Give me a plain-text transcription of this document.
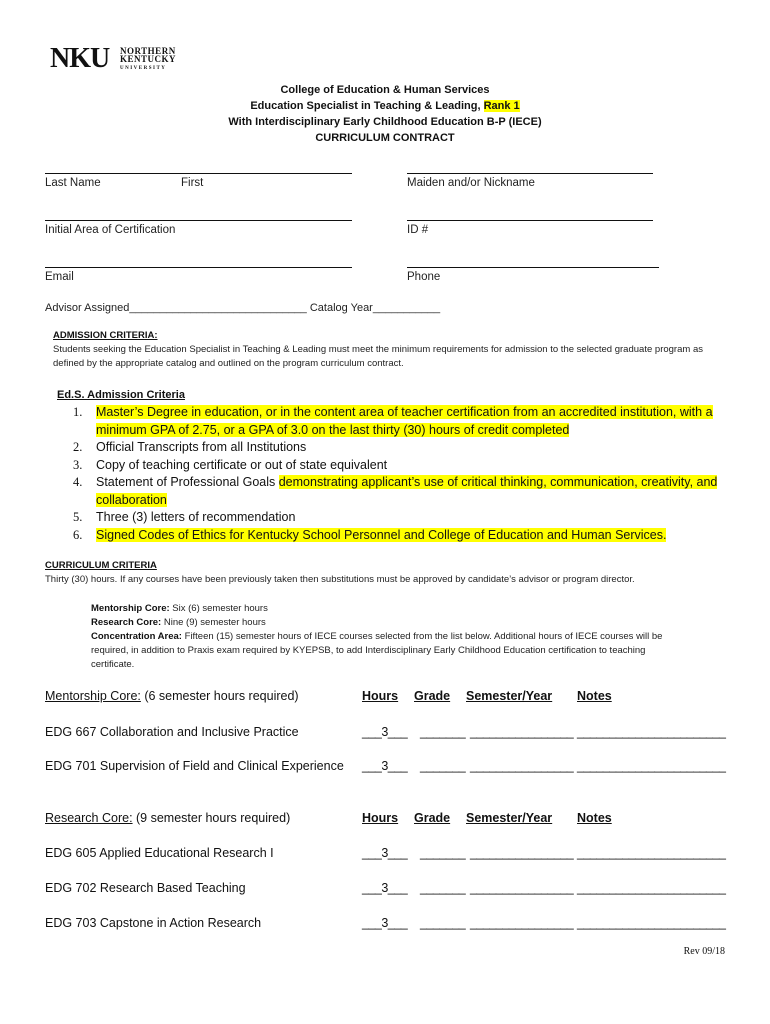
NKU NORTHERN
KENTUCKY
UNIVERSITY
College of Education & Human Services
Education Specialist in Teaching & Leading, Rank 1
With Interdisciplinary Early Childhood Education B-P (IECE)
CURRICULUM CONTRACT
Last Name	First	Maiden and/or Nickname
Initial Area of Certification	ID #
Email	Phone
Advisor Assigned_____________________________ Catalog Year___________
ADMISSION CRITERIA:
Students seeking the Education Specialist in Teaching & Leading must meet the minimum requirements for admission to the selected graduate program as defined by the appropriate catalog and outlined on the program curriculum contract.
Ed.S. Admission Criteria
1. Master’s Degree in education, or in the content area of teacher certification from an accredited institution, with a minimum GPA of 2.75, or a GPA of 3.0 on the last thirty (30) hours of credit completed
2. Official Transcripts from all Institutions
3. Copy of teaching certificate or out of state equivalent
4. Statement of Professional Goals demonstrating applicant’s use of critical thinking, communication, creativity, and collaboration
5. Three (3) letters of recommendation
6. Signed Codes of Ethics for Kentucky School Personnel and College of Education and Human Services.
CURRICULUM CRITERIA
Thirty (30) hours. If any courses have been previously taken then substitutions must be approved by candidate’s advisor or program director.
Mentorship Core: Six (6) semester hours
Research Core: Nine (9) semester hours
Concentration Area: Fifteen (15) semester hours of IECE courses selected from the list below. Additional hours of IECE courses will be required, in addition to Praxis exam required by KYEPSB, to add Interdisciplinary Early Childhood Education certification to teaching certificate.
Mentorship Core: (6 semester hours required)	Hours Grade Semester/Year Notes
EDG 667 Collaboration and Inclusive Practice	___3___ _______ ________________ _______________________
EDG 701 Supervision of Field and Clinical Experience ___3___ _______ ________________ _______________________
Research Core: (9 semester hours required)	Hours Grade Semester/Year Notes
EDG 605 Applied Educational Research I	___3___ _______ ________________ _______________________
EDG 702 Research Based Teaching	___3___ _______ ________________ _______________________
EDG 703 Capstone in Action Research	___3___ _______ ________________ _______________________
Rev 09/18
